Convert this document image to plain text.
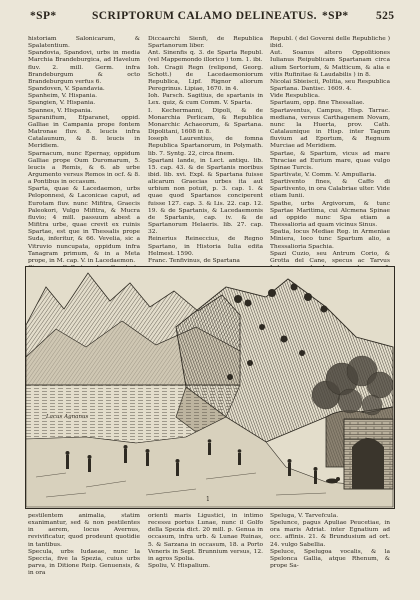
*SP*	SCRIPTORUM CALAMO DELINEATUS. *SP* 525

historiam Salonicarum, & Spalatentium.

Spandovia, Spandovi, urbs in media Marchia Brandeburgica, ad Havelum fluv. 2. mill. Germ. infra Brandeburgum & octo Brandeburgum verfus 6.

Spandoven, V. Spandavia.

Spanheim, V. Hispania.

Spangien, V. Hispania.

Spannes, V. Hispania.

Sparanifium, Efparanet, oppid. Galliae in Campania prope fontem Matronae fluv. 8. leucis infra Catalaunum, & 8. leucis in Meridiem.

Sparnacum, nunc Epernay, oppidum Galliae prope Oum Duromarum, 5. leucis a Remis, & 6. ab urbe Argumento versus Remos in ocf. & 8. a Pontibus in occasum.

Sparta, quae & Lacedaemon, urbs Peloponnesi, & Laconicae caput, ad Eurotam fluv. nunc Mifitra, Graecis Paleokori, Vulgo Mifitra, & Mucra fluvio; 4 mill. passuum abest a Mifitra urbe, quae crevit ex ruinis Spartae, est que in Thessalis prope Suda, inferitur, & 66. Vevelia, sic a Vitruvio nuncupata, oppidum infra Tanagram primum, & in a Meta prope, in M. cap. V. in Lacedaemon.

Diccaarchi Sienfi, de Republica Spartanorum liber.

Ant. Sinenfis q. 3. de Sparta Republ. (vel Mappemondo illorico ) tom. 1. ibi.

Ioh. Cragii Regn (relipond, Georg. Schott.) de Lacedaemoniorum Republica, Lipf. Rignor aliorum Peregrinus. Lipiae, 1670. in 4.

Ioh. Parsch. Sagitius, de spartanis in Lex. quiz, & cum Comm. V. Sparta.

I. Kechermanni, Dipoli, & de Monarchia Perlicam, & Republica Monarchic Achaeorum, & Spartana. Dipolitani, 1608 in 8.

Ioseph Laurentius, de fomna Republica Spartanorum, in Polymath. lib. 7. Syntg. 22, circa finem.

Spartani lande, in Lect. antiqu. lib. 15. cap. 43. & de Spartanis moribus ibid. lib. xvi. Expl. & Spartana fuisse alicarum Graecias urbes ita aut urbium non potuit, p. 3. cap. 1. & quae quod Spartanos conciperent fuisse 127. cap. 3. & Lis. 22. cap. 12. 19. & de Spartanis, & Lacedaemonis de Spartanis, cap. iv. & de Spartanorum Helaeris. lib. 27. cap. 32.

Reinerius Reineccius, de Regno Spartano, in Historia Iulia edita Helmest. 1590.

Franc. Tenfivinus, de Spartana

Republ. ( del Governi delle Republiche ) ibid.

Aut. Soanus altero Oppolitiones Iulianus Reipublicam Spartanam circa alium Sertorium, & Matticum, & alia e vitis Rufinitae & Laudabilis ) in 8.

Nicolai Sbieiscii, Politia, seu Respublica Spartana. Dantisc. 1609. 4.

Vide Respublica.

Spartaum, opp. fine Thessaliae.

Spartaventus, Campus, Hisp. Tarrac. mediana, versus Carthagenem Novam, nunc la Huerta, prov. Cath. Catalaunique in Hisp. inter Tagum fluvium ad Eportum, & Regnum Murciae ad Meridiem.

Spartae, & Spartum, vicus ad mare Thraciae ad Eurium mare, quae vulgo Spinae Turcis.

Spartivate, V. Comm. V. Ampullaria.

Spartivento fines, & Caffo di Spartivento, in ora Calabriae ulter. Vide etiam Iunii.

Spathe, urbs Argivorum, & tunc Spartae Maritima, cui Alcmena Spinae ad oppido nunc Spa etiam a Thessalioria ad quam vicinus Sinus.

Spatia, locus Mediae Reg. in Armeniae Miniera, loco tunc Spartum alio, a Thessalioria Spachia.

Spazi Cuzio, seu Antrum Corio, & Grotta del Cane, specus ac Tarvus

1
Lacus Agnanus

pestilentem animalia, statim exanimantur, sed & non pestilentes in aerem, locus Avernus, revivificatur, quod prodeunt quotidie in tantibus.

Specula, urbs Iudaeae, nunc la Speccia, five la Spezia, cuius urbs parva, in Ditione Reip. Genuensis, & in ora

orienti maris Ligustici, in intimo recessu portus Lunae, nunc il Golfo della Spezia dict. 20 mill. p. Genua in occasum, infra urb. & Lunae Ruinas, 5. & Sarzana in occasum, 18. a Porto Veneris in Sept. Brunnium versus, 12. in agros Spolia.

Spoliu, V. Hispalium.

Speluga, V. Tarvefcula.

Spelunce, pagus Apuliae Peucetiae, in ora maris Adriat. inter Egnatium ad occ. affinis. 21. & Brundusium ad ort. 24. vulgo Sabellia.

Speluce, Spelugoa vocalis, & la Spelonca Gallia, atque Rhenum, & prope Sa-
